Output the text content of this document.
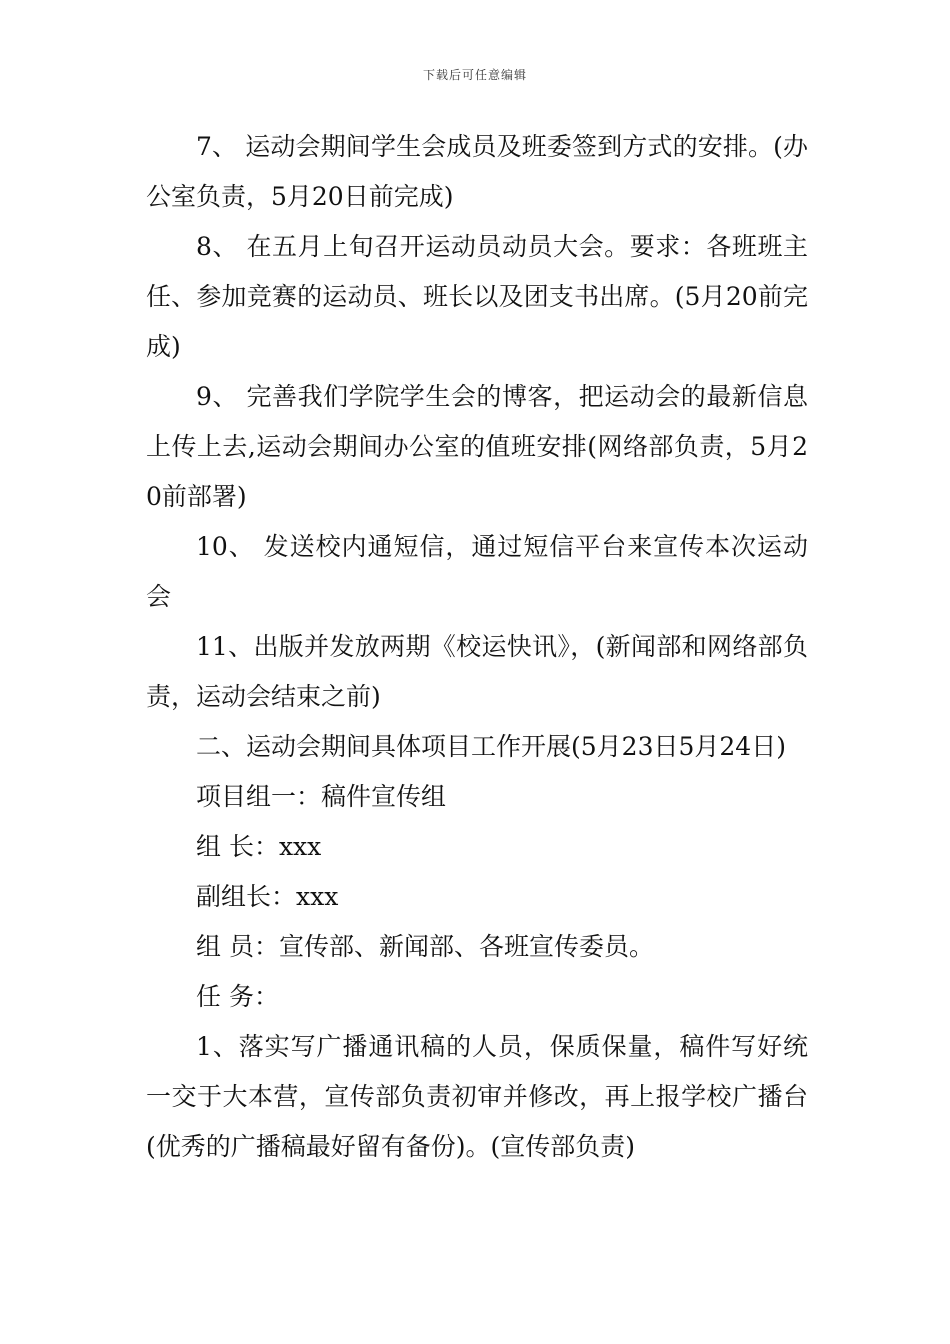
下载后可任意编辑

7、 运动会期间学生会成员及班委签到方式的安排。(办公室负责，5月20日前完成)

8、 在五月上旬召开运动员动员大会。要求：各班班主任、参加竞赛的运动员、班长以及团支书出席。(5月20前完成)

9、 完善我们学院学生会的博客，把运动会的最新信息上传上去,运动会期间办公室的值班安排(网络部负责，5月20前部署)

10、 发送校内通短信，通过短信平台来宣传本次运动会

11、出版并发放两期《校运快讯》，(新闻部和网络部负责，运动会结束之前)

二、运动会期间具体项目工作开展(5月23日5月24日)

项目组一：稿件宣传组

组 长：xxx

副组长：xxx

组 员：宣传部、新闻部、各班宣传委员。

任 务：

1、落实写广播通讯稿的人员，保质保量，稿件写好统一交于大本营，宣传部负责初审并修改，再上报学校广播台(优秀的广播稿最好留有备份)。(宣传部负责)
